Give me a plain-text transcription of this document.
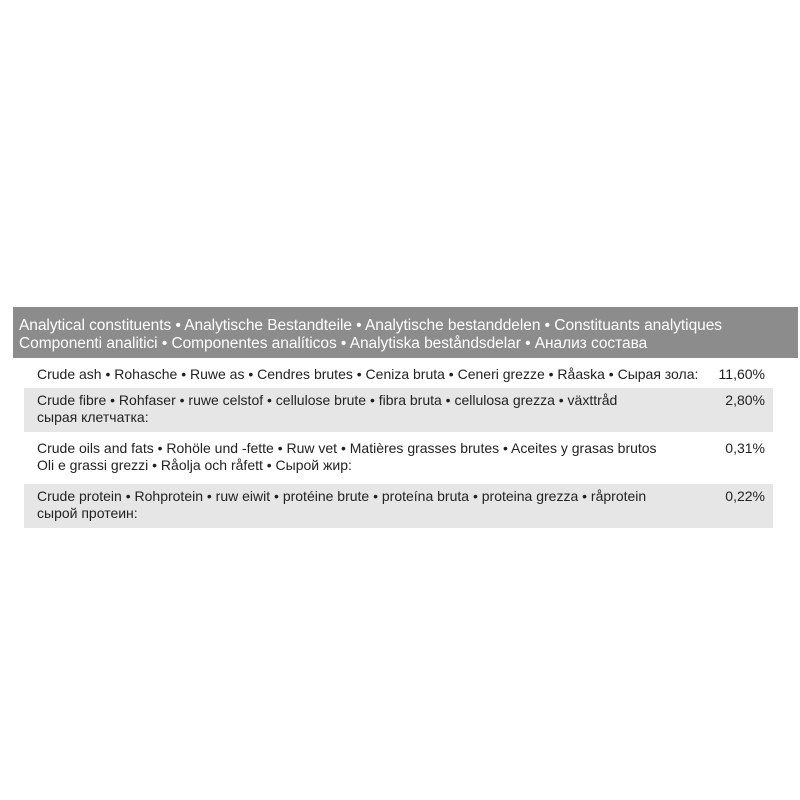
Analytical constituents • Analytische Bestandteile • Analytische bestanddelen • Constituants analytiques
Componenti analitici • Componentes analíticos • Analytiska beståndsdelar • Анализ состава
Crude ash • Rohasche • Ruwe as • Cendres brutes • Ceniza bruta • Ceneri grezze • Råaska • Сырая зола: 11,60%
Crude fibre • Rohfaser • ruwe celstof • cellulose brute • fibra bruta • cellulosa grezza • växttråd
сырая клетчатка:
2,80%
Crude oils and fats • Rohöle und -fette • Ruw vet • Matières grasses brutes • Aceites y grasas brutos
Oli e grassi grezzi • Råolja och råfett • Сырой жир:
0,31%
Crude protein • Rohprotein • ruw eiwit • protéine brute • proteína bruta • proteina grezza • råprotein
сырой протеин:
0,22%
